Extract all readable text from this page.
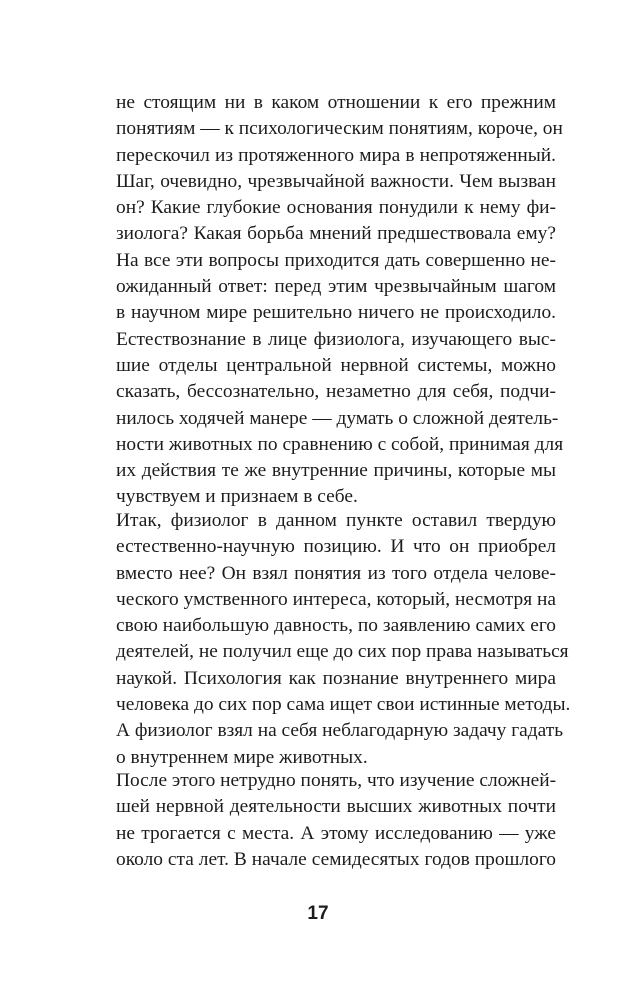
не стоящим ни в каком отношении к его прежним
понятиям — к психологическим понятиям, короче, он
перескочил из протяженного мира в непротяженный.
Шаг, очевидно, чрезвычайной важности. Чем вызван
он? Какие глубокие основания понудили к нему фи-
зиолога? Какая борьба мнений предшествовала ему?
На все эти вопросы приходится дать совершенно не-
ожиданный ответ: перед этим чрезвычайным шагом
в научном мире решительно ничего не происходило.
Естествознание в лице физиолога, изучающего выс-
шие отделы центральной нервной системы, можно
сказать, бессознательно, незаметно для себя, подчи-
нилось ходячей манере — думать о сложной деятель-
ности животных по сравнению с собой, принимая для
их действия те же внутренние причины, которые мы
чувствуем и признаем в себе.
Итак, физиолог в данном пункте оставил твердую
естественно-научную позицию. И что он приобрел
вместо нее? Он взял понятия из того отдела челове-
ческого умственного интереса, который, несмотря на
свою наибольшую давность, по заявлению самих его
деятелей, не получил еще до сих пор права называться
наукой. Психология как познание внутреннего мира
человека до сих пор сама ищет свои истинные методы.
А физиолог взял на себя неблагодарную задачу гадать
о внутреннем мире животных.
После этого нетрудно понять, что изучение сложней-
шей нервной деятельности высших животных почти
не трогается с места. А этому исследованию — уже
около ста лет. В начале семидесятых годов прошлого
17
